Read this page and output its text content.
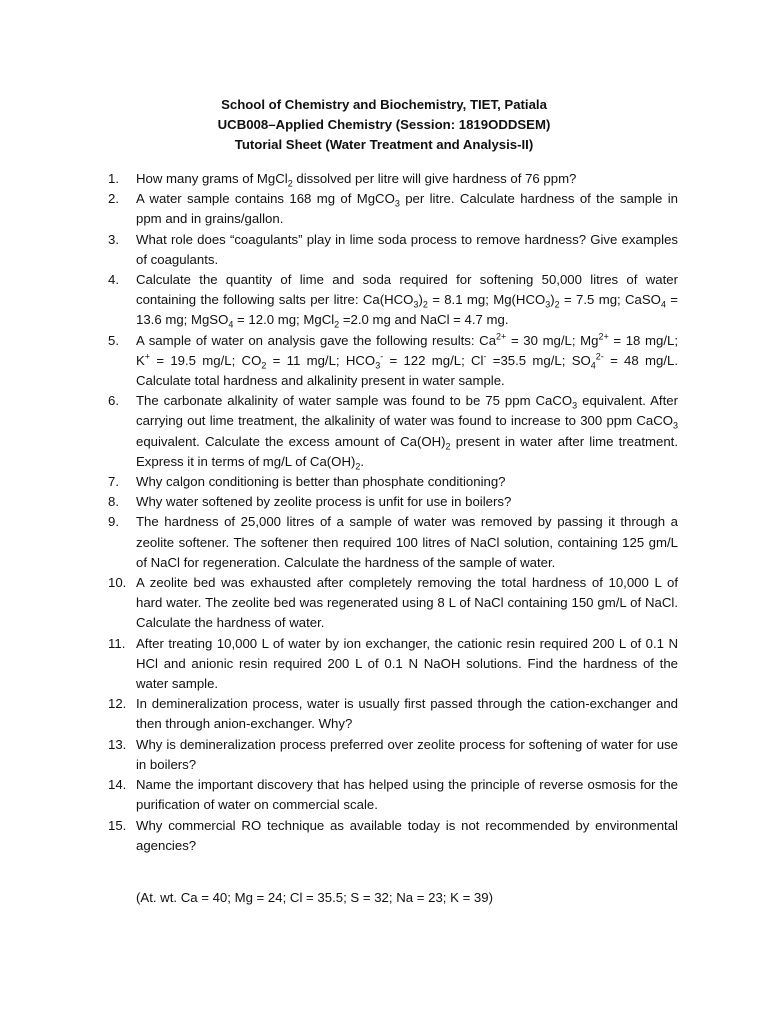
School of Chemistry and Biochemistry, TIET, Patiala
UCB008–Applied Chemistry (Session: 1819ODDSEM)
Tutorial Sheet (Water Treatment and Analysis-II)
1.	How many grams of MgCl$_2$ dissolved per litre will give hardness of 76 ppm?
2.	A water sample contains 168 mg of MgCO$_3$ per litre. Calculate hardness of the sample in ppm and in grains/gallon.
3.	What role does “coagulants” play in lime soda process to remove hardness? Give examples of coagulants.
4.	Calculate the quantity of lime and soda required for softening 50,000 litres of water containing the following salts per litre: $Ca(HCO_3)_2 = 8.1$ mg; $Mg(HCO_3)_2 = 7.5$ mg; CaSO$_4$ = 13.6 mg; MgSO$_4$ = 12.0 mg; MgCl$_2$ =2.0 mg and NaCl = 4.7 mg.
5.	A sample of water on analysis gave the following results: $Ca^{2+} = 30$ mg/L; $Mg^{2+} = 18$ mg/L; K+ = 19.5 mg/L; $CO_2 = 11$ mg/L; $HCO_3^- = 122$ mg/L; Cl- =35.5 mg/L; $SO_4^{2-} = 48$ mg/L. Calculate total hardness and alkalinity present in water sample.
6.	The carbonate alkalinity of water sample was found to be 75 ppm CaCO$_3$ equivalent. After carrying out lime treatment, the alkalinity of water was found to increase to 300 ppm CaCO$_3$ equivalent. Calculate the excess amount of $Ca(OH)_2$ present in water after lime treatment. Express it in terms of mg/L of $Ca(OH)_2$.
7.	Why calgon conditioning is better than phosphate conditioning?
8.	Why water softened by zeolite process is unfit for use in boilers?
9.	The hardness of 25,000 litres of a sample of water was removed by passing it through a zeolite softener. The softener then required 100 litres of NaCl solution, containing 125 gm/L of NaCl for regeneration. Calculate the hardness of the sample of water.
10. A zeolite bed was exhausted after completely removing the total hardness of 10,000 L of hard water. The zeolite bed was regenerated using 8 L of NaCl containing 150 gm/L of NaCl. Calculate the hardness of water.
11. After treating 10,000 L of water by ion exchanger, the cationic resin required 200 L of 0.1 N HCl and anionic resin required 200 L of 0.1 N NaOH solutions. Find the hardness of the water sample.
12. In demineralization process, water is usually first passed through the cation-exchanger and then through anion-exchanger. Why?
13. Why is demineralization process preferred over zeolite process for softening of water for use in boilers?
14. Name the important discovery that has helped using the principle of reverse osmosis for the purification of water on commercial scale.
15. Why commercial RO technique as available today is not recommended by environmental agencies?
(At. wt. Ca = 40; Mg = 24; Cl = 35.5; S = 32; Na = 23; K = 39)
